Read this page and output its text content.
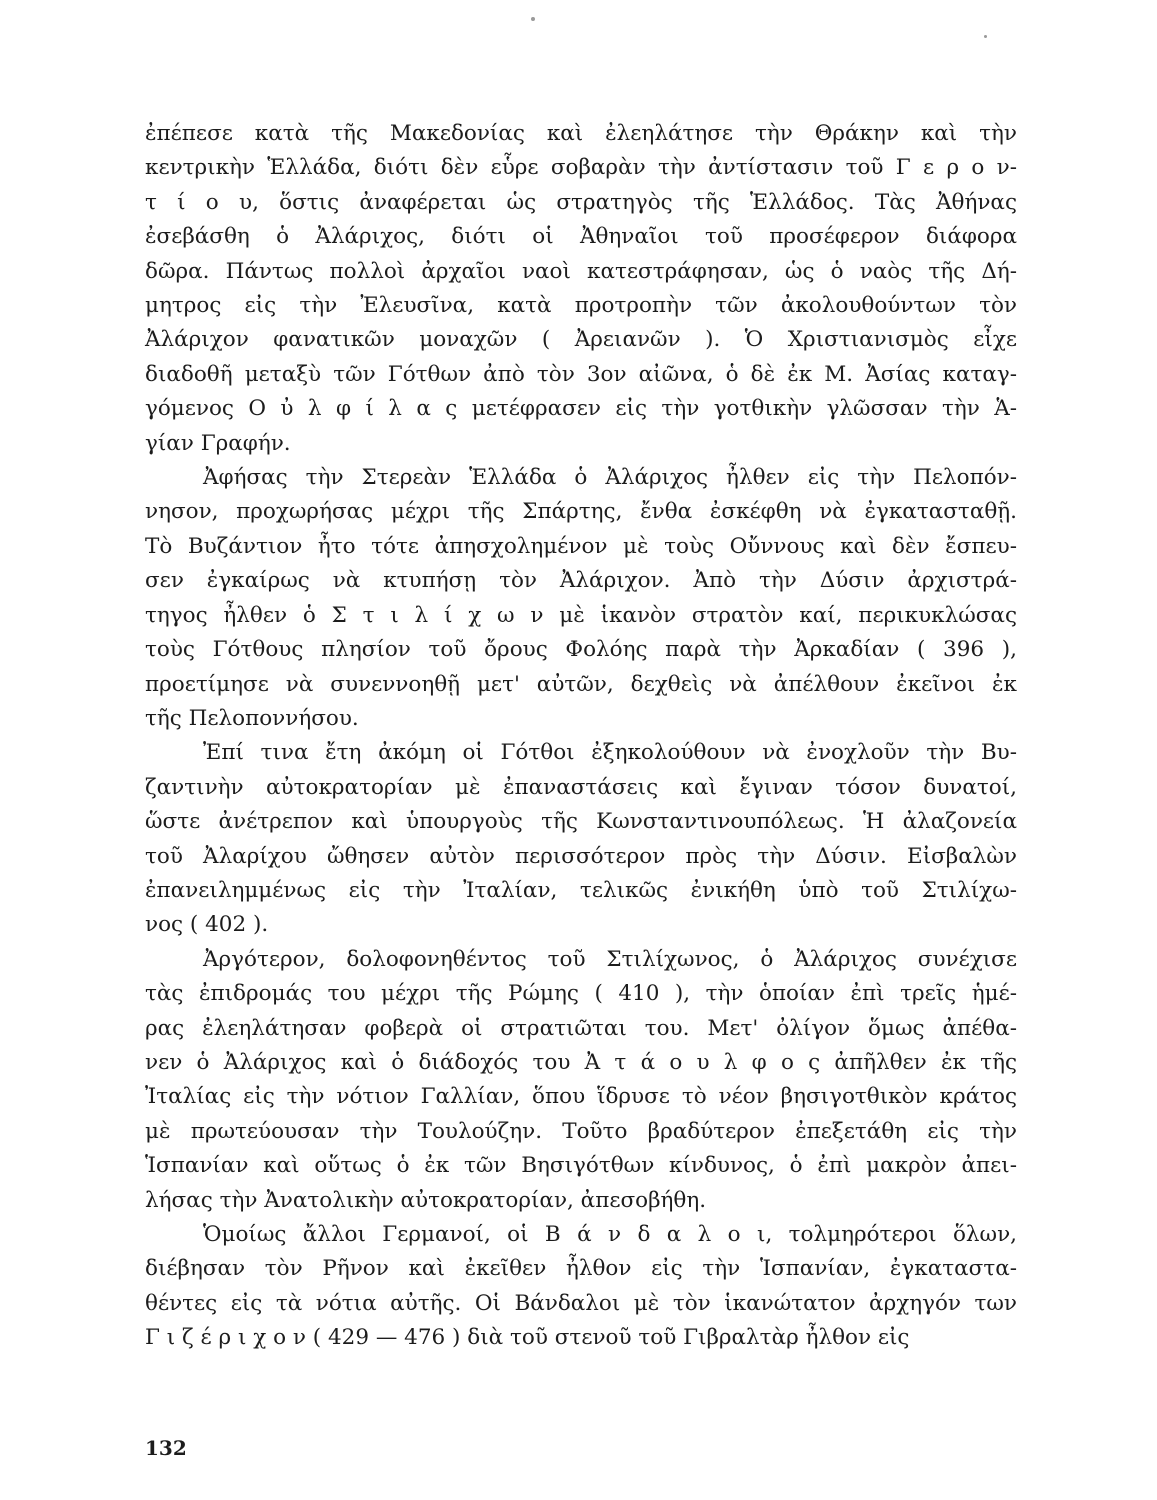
ἐπέπεσε κατὰ τῆς Μακεδονίας καὶ ἐλεηλάτησε τὴν Θράκην καὶ τὴν
κεντρικὴν Ἑλλάδα, διότι δὲν εὗρε σοβαρὰν τὴν ἀντίστασιν τοῦ Γ ε ρ ο ν-
τ ί ο υ, ὅστις ἀναφέρεται ὡς στρατηγὸς τῆς Ἑλλάδος. Τὰς Ἀθήνας
ἐσεβάσθη ὁ Ἀλάριχος, διότι οἱ Ἀθηναῖοι τοῦ προσέφερον διάφορα
δῶρα. Πάντως πολλοὶ ἀρχαῖοι ναοὶ κατεστράφησαν, ὡς ὁ ναὸς τῆς Δή-
μητρος εἰς τὴν Ἐλευσῖνα, κατὰ προτροπὴν τῶν ἀκολουθούντων τὸν
Ἀλάριχον φανατικῶν μοναχῶν ( Ἀρειανῶν ). Ὁ Χριστιανισμὸς εἶχε
διαδοθῆ μεταξὺ τῶν Γότθων ἀπὸ τὸν 3ον αἰῶνα, ὁ δὲ ἐκ Μ. Ἀσίας καταγ-
γόμενος Ο ὐ λ φ ί λ α ς μετέφρασεν εἰς τὴν γοτθικὴν γλῶσσαν τὴν Ἁ-
γίαν Γραφήν.
Ἀφήσας τὴν Στερεὰν Ἑλλάδα ὁ Ἀλάριχος ἦλθεν εἰς τὴν Πελοπόν-
νησον, προχωρήσας μέχρι τῆς Σπάρτης, ἔνθα ἐσκέφθη νὰ ἐγκατασταθῇ.
Τὸ Βυζάντιον ἦτο τότε ἀπησχολημένον μὲ τοὺς Οὔννους καὶ δὲν ἔσπευ-
σεν ἐγκαίρως νὰ κτυπήσῃ τὸν Ἀλάριχον. Ἀπὸ τὴν Δύσιν ἀρχιστρά-
τηγος ἦλθεν ὁ Σ τ ι λ ί χ ω ν μὲ ἱκανὸν στρατὸν καί, περικυκλώσας
τοὺς Γότθους πλησίον τοῦ ὄρους Φολόης παρὰ τὴν Ἀρκαδίαν ( 396 ),
προετίμησε νὰ συνεννοηθῇ μετ' αὐτῶν, δεχθεὶς νὰ ἀπέλθουν ἐκεῖνοι ἐκ
τῆς Πελοποννήσου.
Ἐπί τινα ἔτη ἀκόμη οἱ Γότθοι ἐξηκολούθουν νὰ ἐνοχλοῦν τὴν Βυ-
ζαντινὴν αὐτοκρατορίαν μὲ ἐπαναστάσεις καὶ ἔγιναν τόσον δυνατοί,
ὥστε ἀνέτρεπον καὶ ὑπουργοὺς τῆς Κωνσταντινουπόλεως. Ἡ ἀλαζονεία
τοῦ Ἀλαρίχου ὤθησεν αὐτὸν περισσότερον πρὸς τὴν Δύσιν. Εἰσβαλὼν
ἐπανειλημμένως εἰς τὴν Ἰταλίαν, τελικῶς ἐνικήθη ὑπὸ τοῦ Στιλίχω-
νος ( 402 ).
Ἀργότερον, δολοφονηθέντος τοῦ Στιλίχωνος, ὁ Ἀλάριχος συνέχισε
τὰς ἐπιδρομάς του μέχρι τῆς Ρώμης ( 410 ), τὴν ὁποίαν ἐπὶ τρεῖς ἡμέ-
ρας ἐλεηλάτησαν φοβερὰ οἱ στρατιῶται του. Μετ' ὀλίγον ὅμως ἀπέθα-
νεν ὁ Ἀλάριχος καὶ ὁ διάδοχός του Ἀ τ ά ο υ λ φ ο ς ἀπῆλθεν ἐκ τῆς
Ἰταλίας εἰς τὴν νότιον Γαλλίαν, ὅπου ἵδρυσε τὸ νέον βησιγοτθικὸν κράτος
μὲ πρωτεύουσαν τὴν Τουλούζην. Τοῦτο βραδύτερον ἐπεξετάθη εἰς τὴν
Ἱσπανίαν καὶ οὕτως ὁ ἐκ τῶν Βησιγότθων κίνδυνος, ὁ ἐπὶ μακρὸν ἀπει-
λήσας τὴν Ἀνατολικὴν αὐτοκρατορίαν, ἀπεσοβήθη.
Ὁμοίως ἄλλοι Γερμανοί, οἱ Β ά ν δ α λ ο ι, τολμηρότεροι ὅλων,
διέβησαν τὸν Ρῆνον καὶ ἐκεῖθεν ἦλθον εἰς τὴν Ἱσπανίαν, ἐγκαταστα-
θέντες εἰς τὰ νότια αὐτῆς. Οἱ Βάνδαλοι μὲ τὸν ἱκανώτατον ἀρχηγόν των
Γ ι ζ έ ρ ι χ ο ν ( 429 — 476 ) διὰ τοῦ στενοῦ τοῦ Γιβραλτὰρ ἦλθον εἰς
132
